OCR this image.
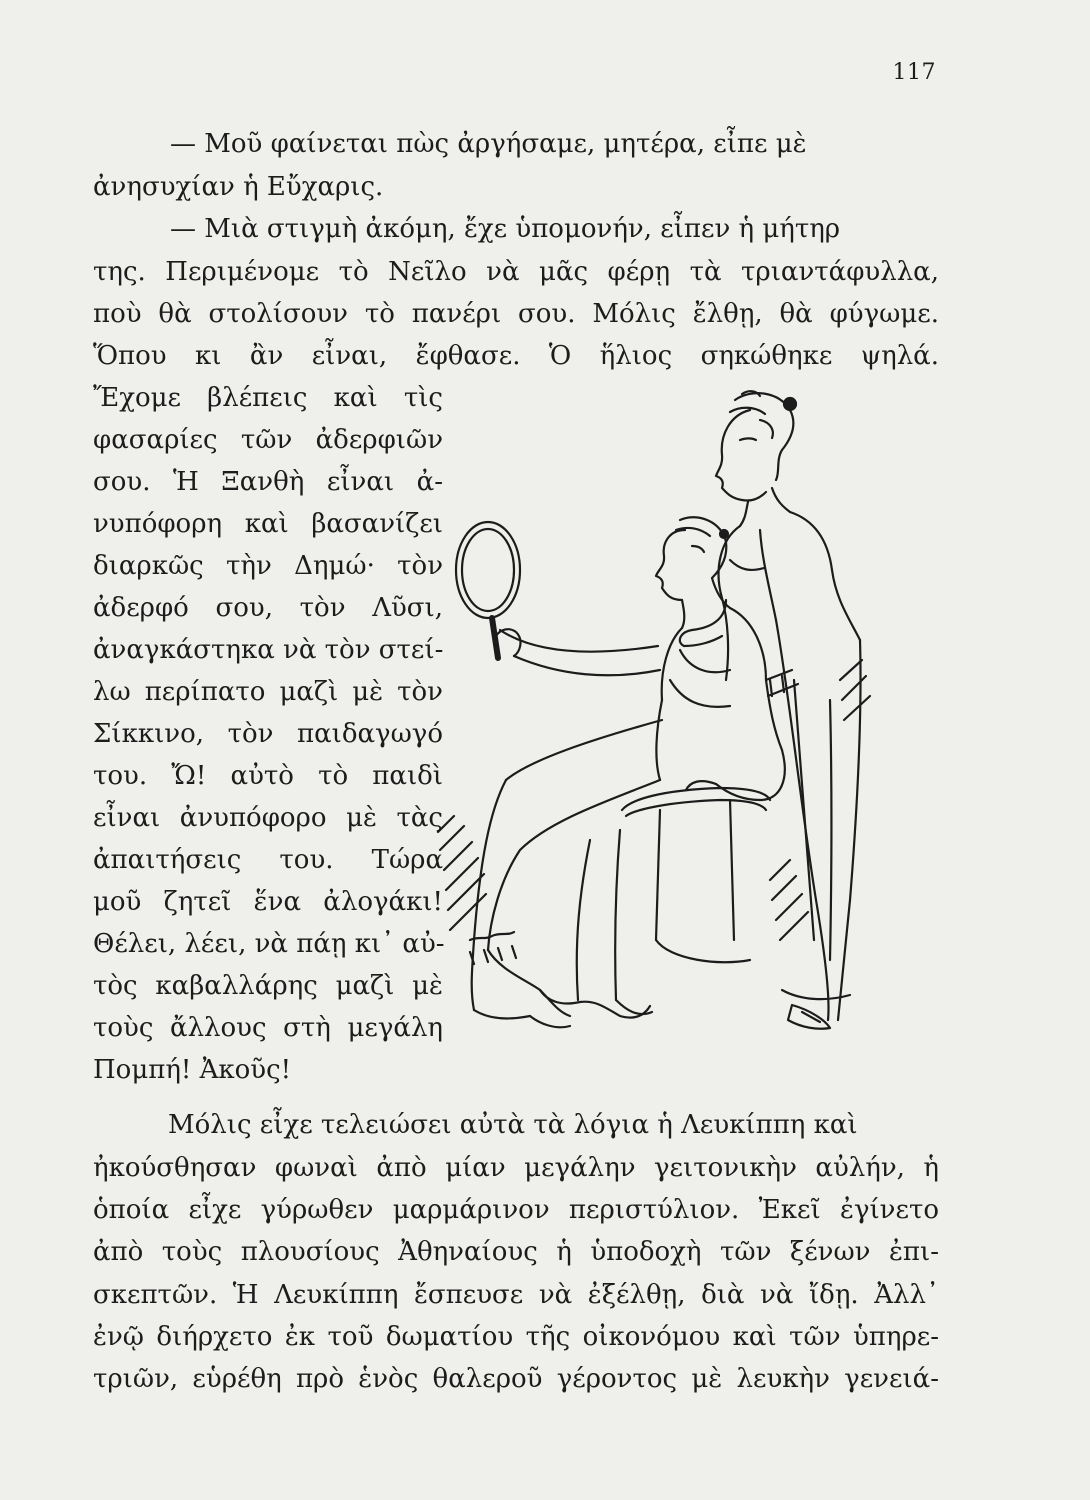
117
— Μοῦ φαίνεται πὼς ἀργήσαμε, μητέρα, εἶπε μὲ
ἀνησυχίαν ἡ Εὔχαρις.
— Μιὰ στιγμὴ ἀκόμη, ἔχε ὑπομονήν, εἶπεν ἡ μήτηρ
της. Περιμένομε τὸ Νεῖλο νὰ μᾶς φέρῃ τὰ τριαντάφυλλα,
ποὺ θὰ στολίσουν τὸ πανέρι σου. Μόλις ἔλθῃ, θὰ φύγωμε.
Ὅπου κι ἂν εἶναι, ἔφθασε. Ὁ ἥλιος σηκώθηκε ψηλά.
Ἔχομε βλέπεις καὶ τὶς
φασαρίες τῶν ἀδερφιῶν
σου. Ἡ Ξανθὴ εἶναι ἀ-
νυπόφορη καὶ βασανίζει
διαρκῶς τὴν Δημώ· τὸν
ἀδερφό σου, τὸν Λῦσι,
ἀναγκάστηκα νὰ τὸν στεί-
λω περίπατο μαζὶ μὲ τὸν
Σίκκινο, τὸν παιδαγωγό
του. Ὤ! αὐτὸ τὸ παιδὶ
εἶναι ἀνυπόφορο μὲ τὰς
ἀπαιτήσεις του. Τώρα
μοῦ ζητεῖ ἕνα ἀλογάκι!
Θέλει, λέει, νὰ πάῃ κι᾽ αὐ-
τὸς καβαλλάρης μαζὶ μὲ
τοὺς ἄλλους στὴ μεγάλη
Πομπή! Ἀκοῦς!
Μόλις εἶχε τελειώσει αὐτὰ τὰ λόγια ἡ Λευκίππη καὶ
ἠκούσθησαν φωναὶ ἀπὸ μίαν μεγάλην γειτονικὴν αὐλήν, ἡ
ὁποία εἶχε γύρωθεν μαρμάρινον περιστύλιον. Ἐκεῖ ἐγίνετο
ἀπὸ τοὺς πλουσίους Ἀθηναίους ἡ ὑποδοχὴ τῶν ξένων ἐπι-
σκεπτῶν. Ἡ Λευκίππη ἔσπευσε νὰ ἐξέλθῃ, διὰ νὰ ἴδῃ. Ἀλλ᾽
ἐνῷ διήρχετο ἐκ τοῦ δωματίου τῆς οἰκονόμου καὶ τῶν ὑπηρε-
τριῶν, εὑρέθη πρὸ ἑνὸς θαλεροῦ γέροντος μὲ λευκὴν γενειά-
